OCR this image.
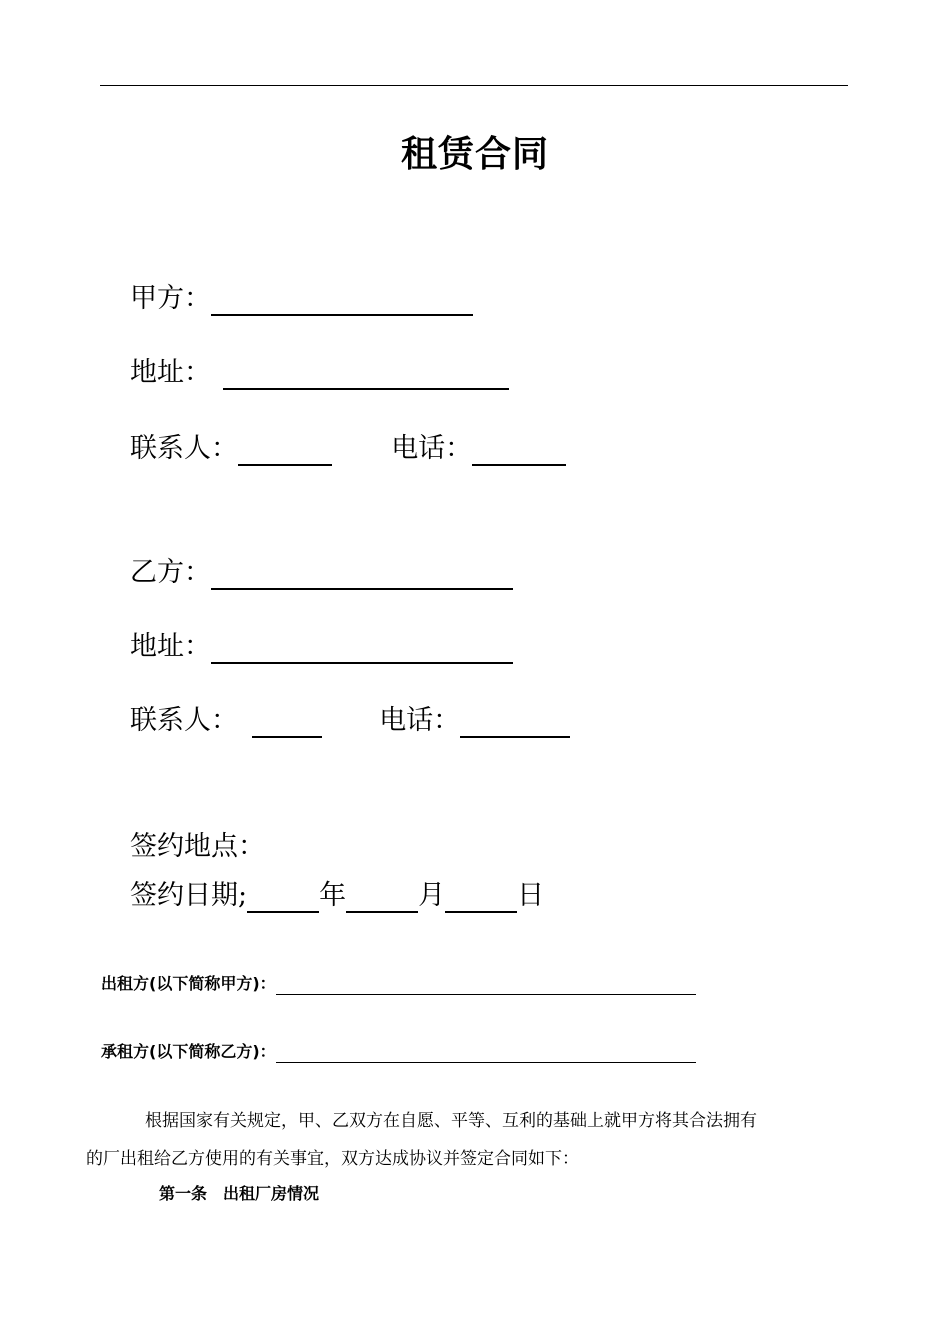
租赁合同
甲方：
地址：
联系人：	电话：
乙方：
地址：
联系人：	电话：
签约地点：
签约日期;	年	月	日
出租方(以下简称甲方)：
承租方(以下简称乙方)：
根据国家有关规定，甲、乙双方在自愿、平等、互利的基础上就甲方将其合法拥有
的厂出租给乙方使用的有关事宜，双方达成协议并签定合同如下：
第一条　出租厂房情况
